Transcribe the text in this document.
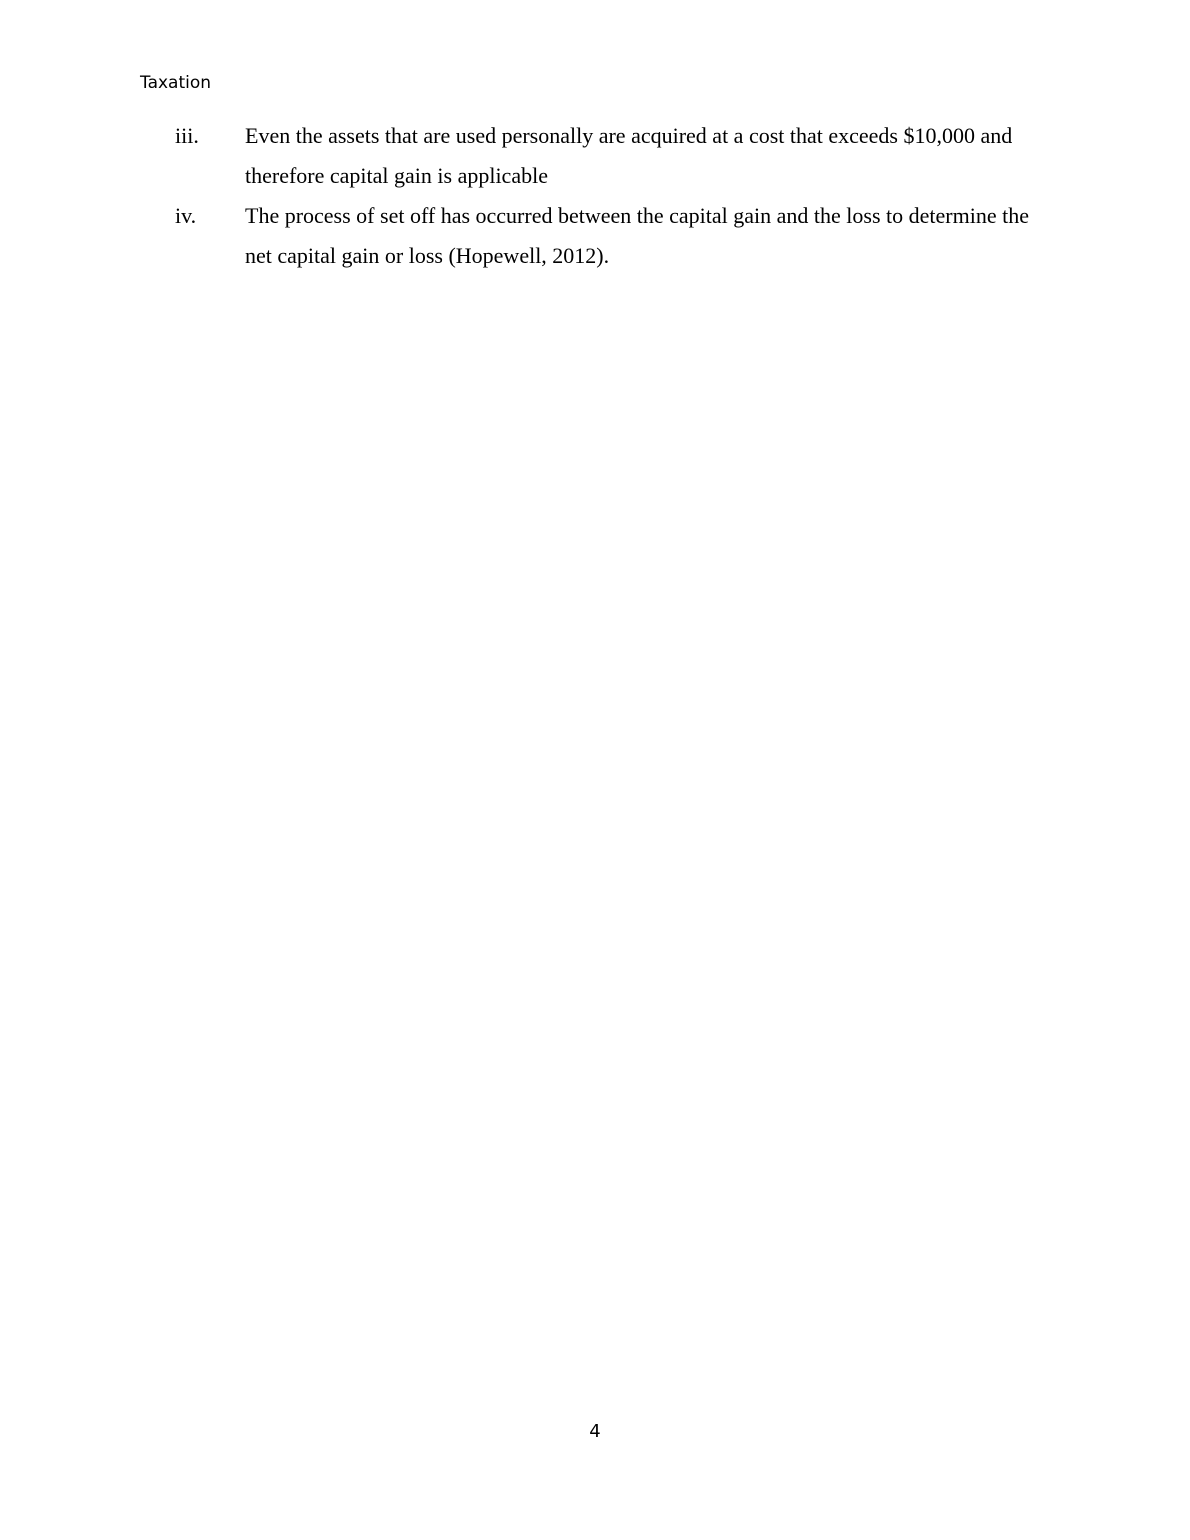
Taxation
iii. Even the assets that are used personally are acquired at a cost that exceeds $10,000 and therefore capital gain is applicable
iv. The process of set off has occurred between the capital gain and the loss to determine the net capital gain or loss (Hopewell, 2012).
4
